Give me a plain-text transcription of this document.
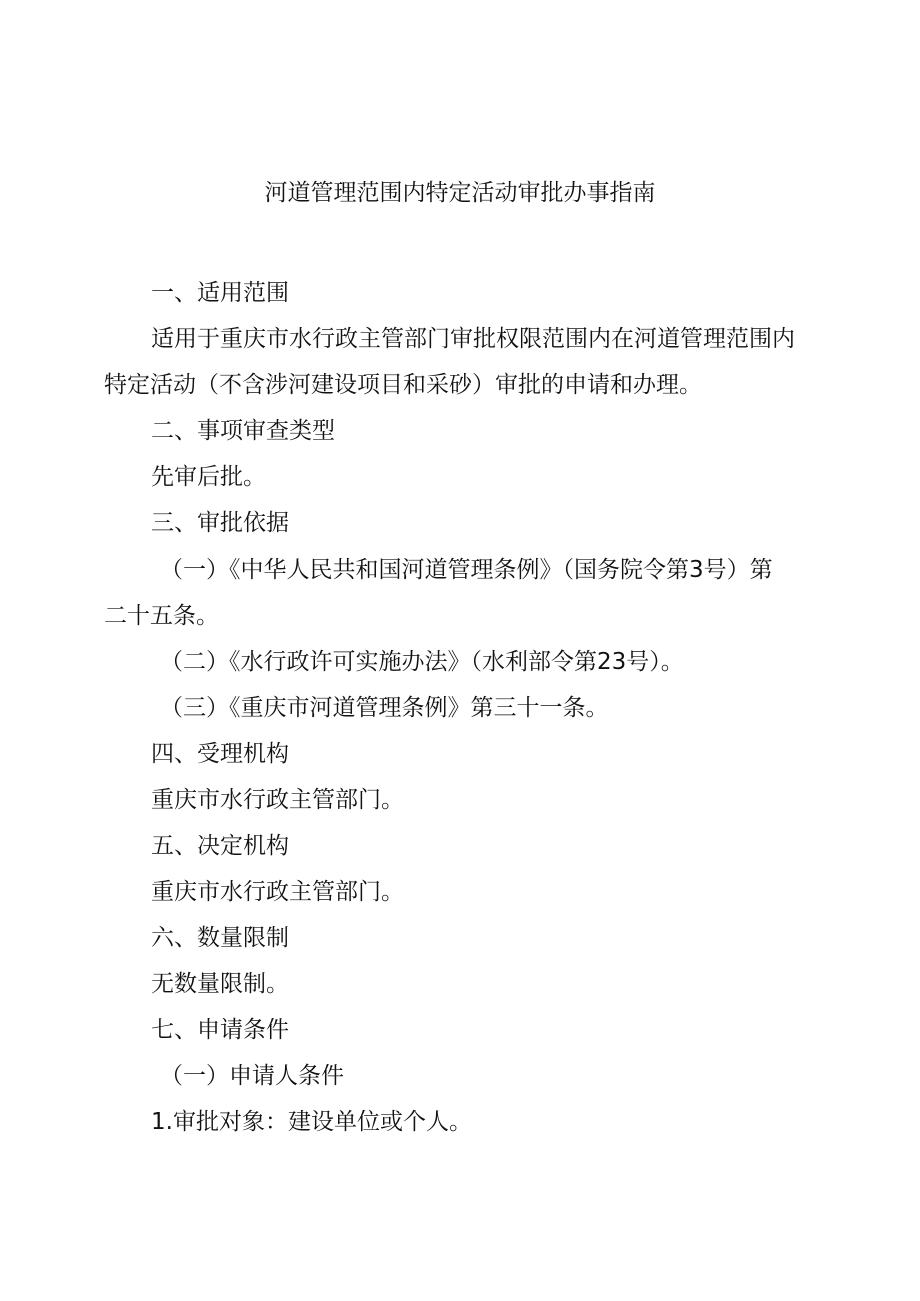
河道管理范围内特定活动审批办事指南
一、适用范围
适用于重庆市水行政主管部门审批权限范围内在河道管理范围内
特定活动（不含涉河建设项目和采砂）审批的申请和办理。
二、事项审查类型
先审后批。
三、审批依据
（一）《中华人民共和国河道管理条例》（国务院令第3号）第
二十五条。
（二）《水行政许可实施办法》（水利部令第23号）。
（三）《重庆市河道管理条例》第三十一条。
四、受理机构
重庆市水行政主管部门。
五、决定机构
重庆市水行政主管部门。
六、数量限制
无数量限制。
七、申请条件
（一）申请人条件
1.审批对象：建设单位或个人。
